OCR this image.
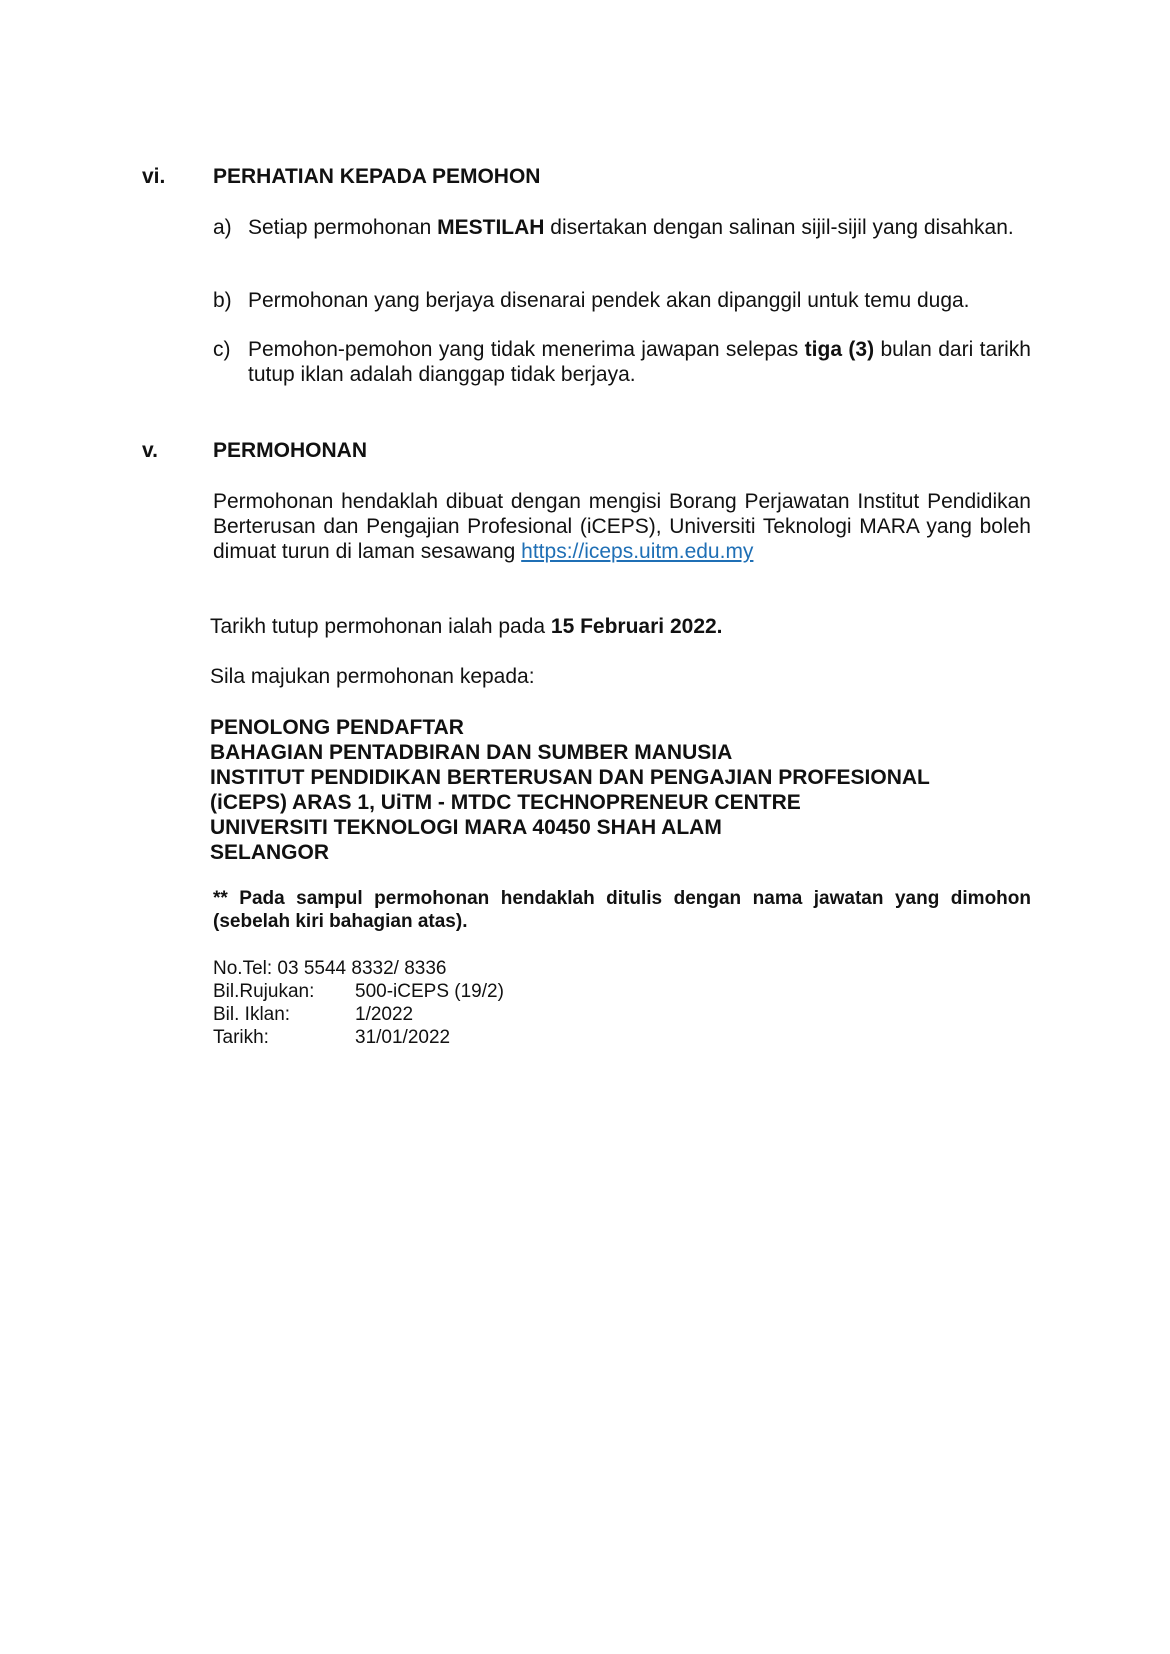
vi. PERHATIAN KEPADA PEMOHON
a) Setiap permohonan MESTILAH disertakan dengan salinan sijil-sijil yang disahkan.
b) Permohonan yang berjaya disenarai pendek akan dipanggil untuk temu duga.
c) Pemohon-pemohon yang tidak menerima jawapan selepas tiga (3) bulan dari tarikh tutup iklan adalah dianggap tidak berjaya.
v.	PERMOHONAN
Permohonan hendaklah dibuat dengan mengisi Borang Perjawatan Institut Pendidikan Berterusan dan Pengajian Profesional (iCEPS), Universiti Teknologi MARA yang boleh dimuat turun di laman sesawang https://iceps.uitm.edu.my
Tarikh tutup permohonan ialah pada 15 Februari 2022.
Sila majukan permohonan kepada:
PENOLONG PENDAFTAR
BAHAGIAN PENTADBIRAN DAN SUMBER MANUSIA
INSTITUT PENDIDIKAN BERTERUSAN DAN PENGAJIAN PROFESIONAL
(iCEPS) ARAS 1, UiTM - MTDC TECHNOPRENEUR CENTRE
UNIVERSITI TEKNOLOGI MARA 40450 SHAH ALAM
SELANGOR
** Pada sampul permohonan hendaklah ditulis dengan nama jawatan yang dimohon (sebelah kiri bahagian atas).
No.Tel: 03 5544 8332/ 8336
Bil.Rujukan: 500-iCEPS (19/2)
Bil. Iklan:	1/2022
Tarikh:	31/01/2022
